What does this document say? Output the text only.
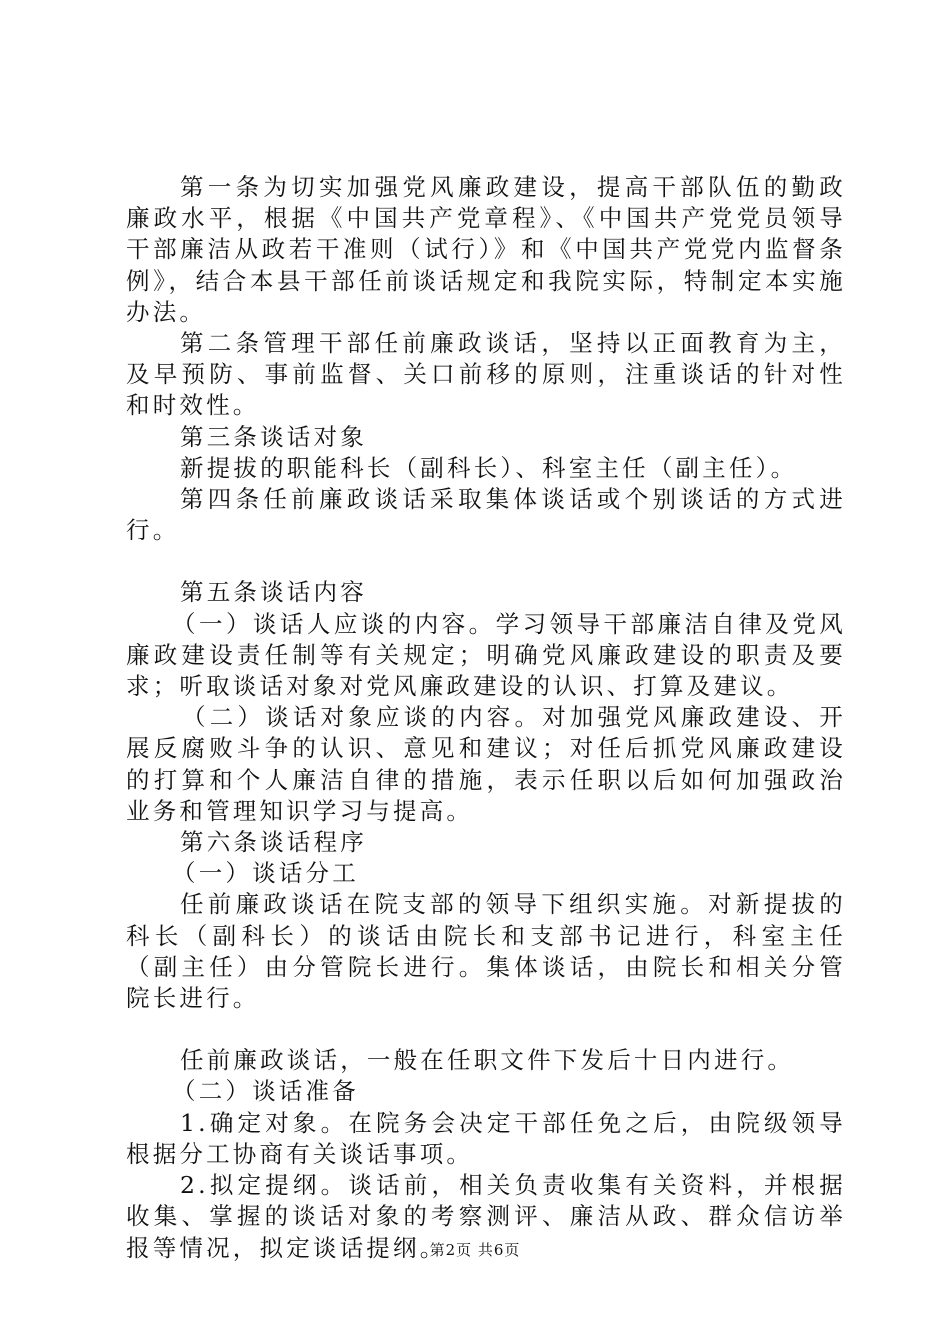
第一条为切实加强党风廉政建设，提高干部队伍的勤政廉政水平，根据《中国共产党章程》、《中国共产党党员领导干部廉洁从政若干准则（试行）》和《中国共产党党内监督条例》，结合本县干部任前谈话规定和我院实际，特制定本实施办法。

第二条管理干部任前廉政谈话，坚持以正面教育为主，及早预防、事前监督、关口前移的原则，注重谈话的针对性和时效性。

第三条谈话对象

新提拔的职能科长（副科长）、科室主任（副主任）。

第四条任前廉政谈话采取集体谈话或个别谈话的方式进行。

第五条谈话内容

（一）谈话人应谈的内容。学习领导干部廉洁自律及党风廉政建设责任制等有关规定；明确党风廉政建设的职责及要求；听取谈话对象对党风廉政建设的认识、打算及建议。

（二）谈话对象应谈的内容。对加强党风廉政建设、开展反腐败斗争的认识、意见和建议；对任后抓党风廉政建设的打算和个人廉洁自律的措施，表示任职以后如何加强政治业务和管理知识学习与提高。

第六条谈话程序

（一）谈话分工

任前廉政谈话在院支部的领导下组织实施。对新提拔的科长（副科长）的谈话由院长和支部书记进行，科室主任（副主任）由分管院长进行。集体谈话，由院长和相关分管院长进行。

任前廉政谈话，一般在任职文件下发后十日内进行。

（二）谈话准备

1.确定对象。在院务会决定干部任免之后，由院级领导根据分工协商有关谈话事项。

2.拟定提纲。谈话前，相关负责收集有关资料，并根据收集、掌握的谈话对象的考察测评、廉洁从政、群众信访举报等情况，拟定谈话提纲。

第2页 共6页
